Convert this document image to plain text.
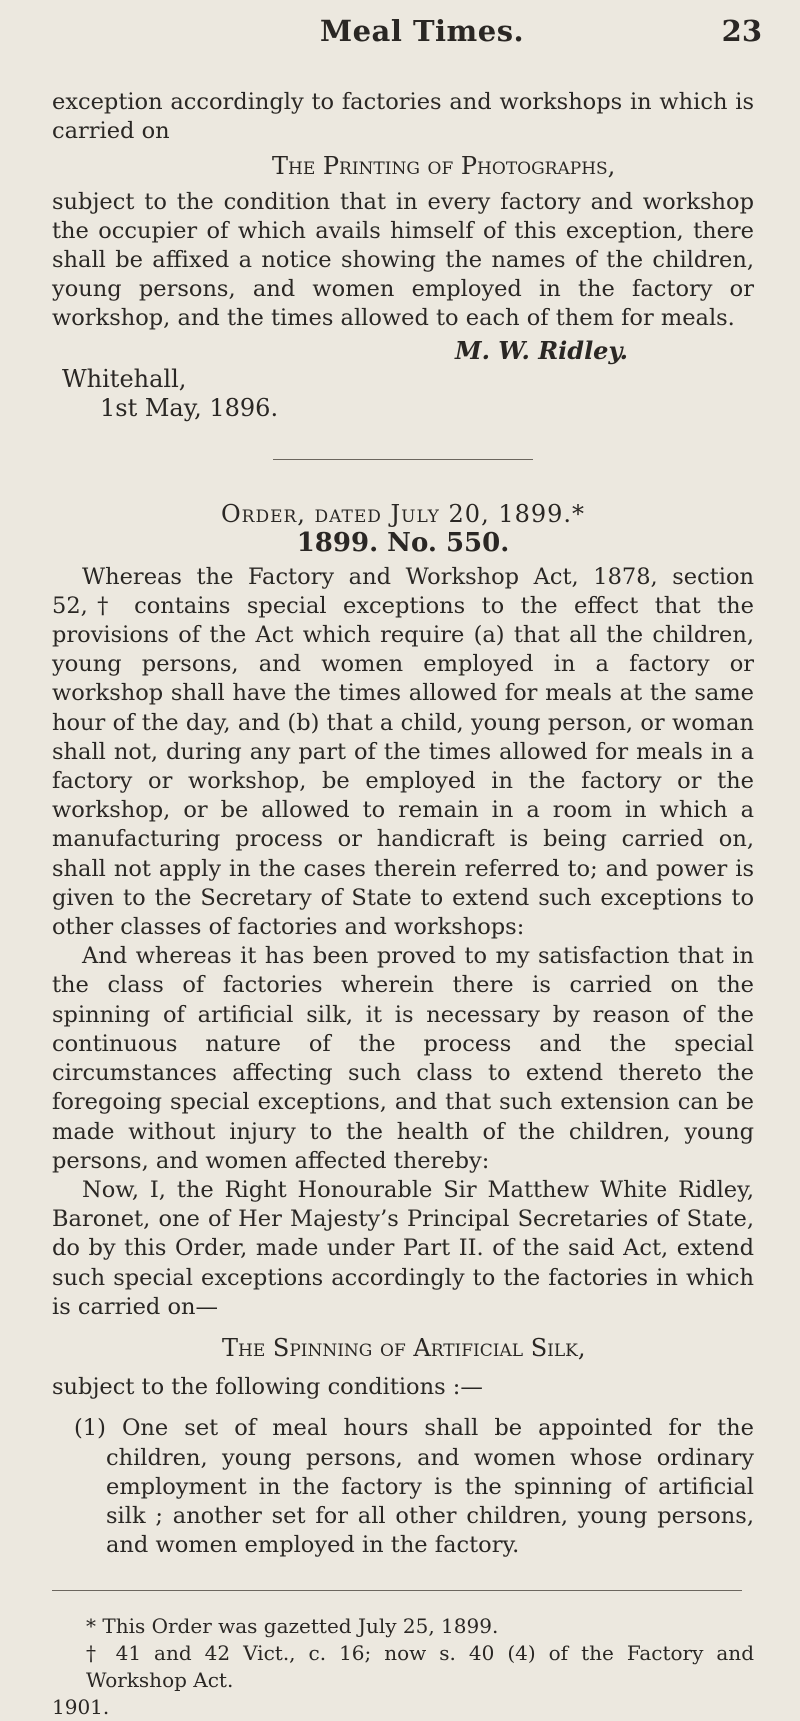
Meal Times.	23

exception accordingly to factories and workshops in which is carried on

The Printing of Photographs,

subject to the condition that in every factory and workshop the occupier of which avails himself of this exception, there shall be affixed a notice showing the names of the children, young persons, and women employed in the factory or workshop, and the times allowed to each of them for meals.

M. W. Ridley.

Whitehall,

1st May, 1896.

Order, dated July 20, 1899.*

1899. No. 550.

Whereas the Factory and Workshop Act, 1878, section 52,† contains special exceptions to the effect that the provisions of the Act which require (a) that all the children, young persons, and women employed in a factory or workshop shall have the times allowed for meals at the same hour of the day, and (b) that a child, young person, or woman shall not, during any part of the times allowed for meals in a factory or workshop, be employed in the factory or the workshop, or be allowed to remain in a room in which a manufacturing process or handicraft is being carried on, shall not apply in the cases therein referred to; and power is given to the Secretary of State to extend such exceptions to other classes of factories and workshops:

And whereas it has been proved to my satisfaction that in the class of factories wherein there is carried on the spinning of artificial silk, it is necessary by reason of the continuous nature of the process and the special circumstances affecting such class to extend thereto the foregoing special exceptions, and that such extension can be made without injury to the health of the children, young persons, and women affected thereby:

Now, I, the Right Honourable Sir Matthew White Ridley, Baronet, one of Her Majesty’s Principal Secretaries of State, do by this Order, made under Part II. of the said Act, extend such special exceptions accordingly to the factories in which is carried on—

The Spinning of Artificial Silk,

subject to the following conditions :—

(1) One set of meal hours shall be appointed for the children, young persons, and women whose ordinary employment in the factory is the spinning of artificial silk ; another set for all other children, young persons, and women employed in the factory.

* This Order was gazetted July 25, 1899.

† 41 and 42 Vict., c. 16; now s. 40 (4) of the Factory and Workshop Act.

1901.
